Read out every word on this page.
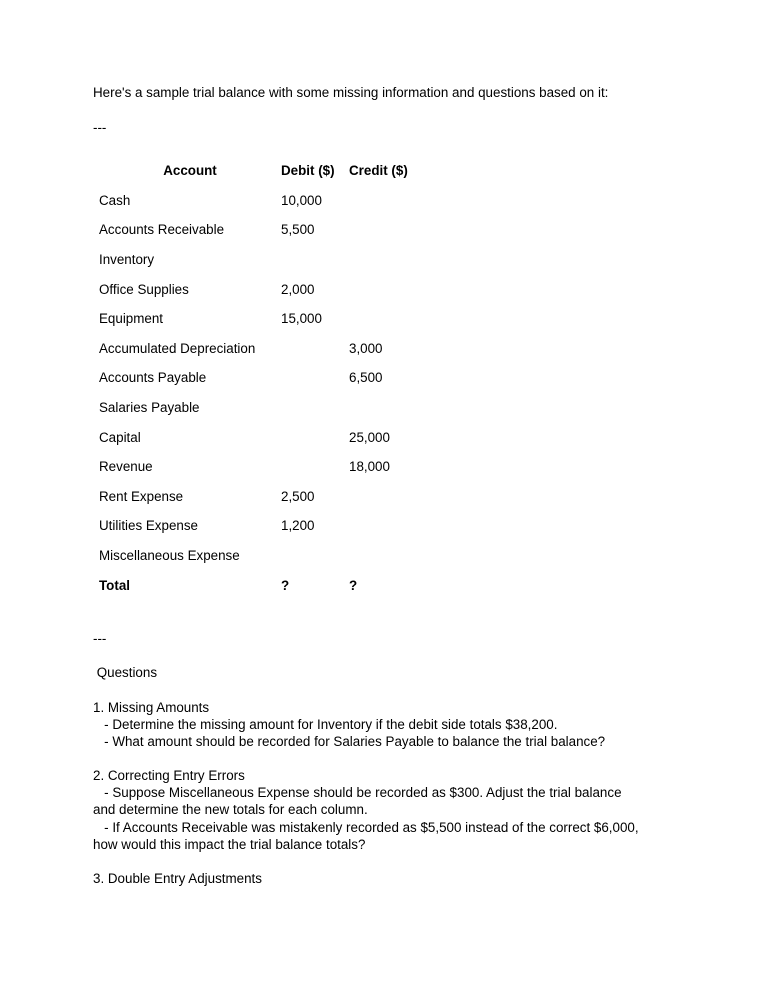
Here's a sample trial balance with some missing information and questions based on it:
---
Account	Debit ($)	Credit ($)
Cash	10,000	
Accounts Receivable	5,500	
Inventory		
Office Supplies	2,000	
Equipment	15,000	
Accumulated Depreciation		3,000
Accounts Payable		6,500
Salaries Payable		
Capital		25,000
Revenue		18,000
Rent Expense	2,500	
Utilities Expense	1,200	
Miscellaneous Expense		
Total	?	?
---
Questions
1. Missing Amounts
- Determine the missing amount for Inventory if the debit side totals $38,200.
- What amount should be recorded for Salaries Payable to balance the trial balance?
2. Correcting Entry Errors
- Suppose Miscellaneous Expense should be recorded as $300. Adjust the trial balance
and determine the new totals for each column.
- If Accounts Receivable was mistakenly recorded as $5,500 instead of the correct $6,000,
how would this impact the trial balance totals?
3. Double Entry Adjustments
